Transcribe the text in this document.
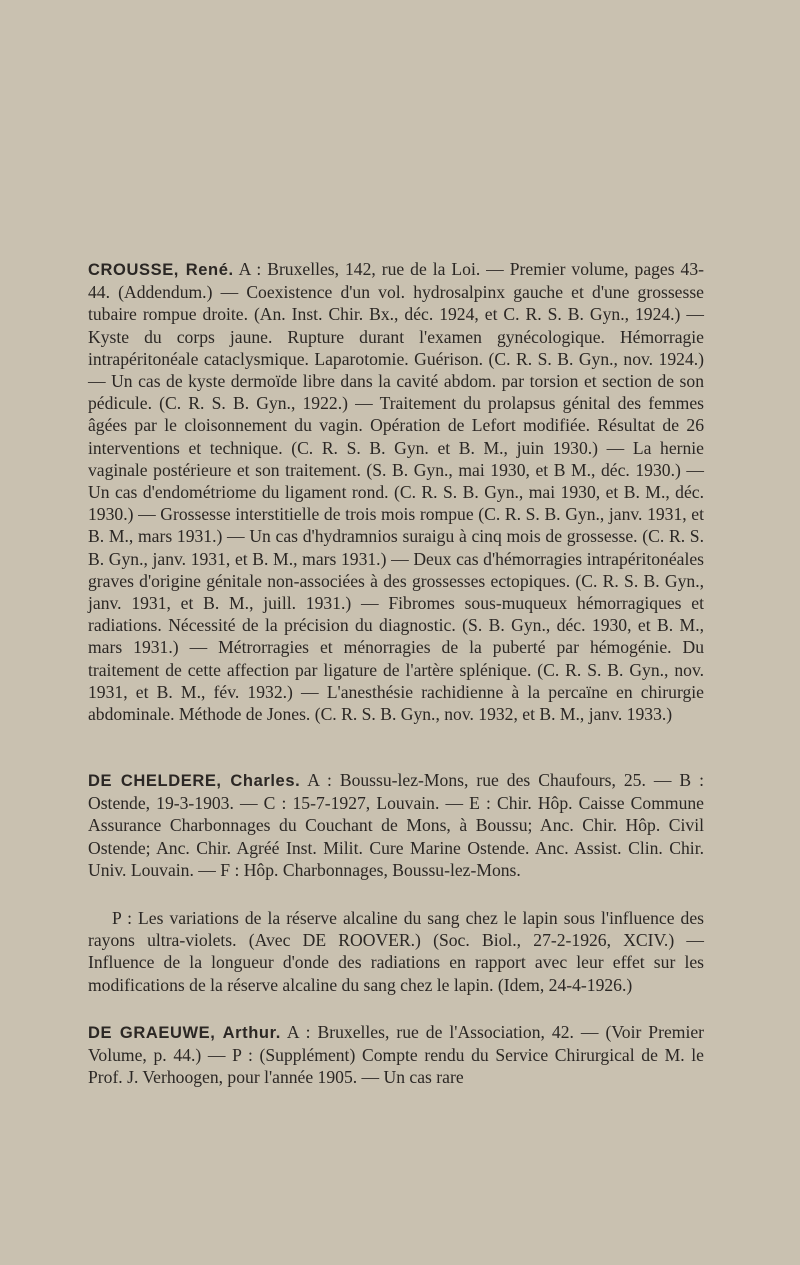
CROUSSE, René. A : Bruxelles, 142, rue de la Loi. — Premier volume, pages 43-44. (Addendum.) — Coexistence d'un vol. hydrosalpinx gauche et d'une grossesse tubaire rompue droite. (An. Inst. Chir. Bx., déc. 1924, et C. R. S. B. Gyn., 1924.) — Kyste du corps jaune. Rupture durant l'examen gynécologique. Hémorragie intrapéritonéale cataclysmique. Laparotomie. Guérison. (C. R. S. B. Gyn., nov. 1924.) — Un cas de kyste dermoïde libre dans la cavité abdom. par torsion et section de son pédicule. (C. R. S. B. Gyn., 1922.) — Traitement du prolapsus génital des femmes âgées par le cloisonnement du vagin. Opération de Lefort modifiée. Résultat de 26 interventions et technique. (C. R. S. B. Gyn. et B. M., juin 1930.) — La hernie vaginale postérieure et son traitement. (S. B. Gyn., mai 1930, et B M., déc. 1930.) — Un cas d'endométriome du ligament rond. (C. R. S. B. Gyn., mai 1930, et B. M., déc. 1930.) — Grossesse interstitielle de trois mois rompue (C. R. S. B. Gyn., janv. 1931, et B. M., mars 1931.) — Un cas d'hydramnios suraigu à cinq mois de grossesse. (C. R. S. B. Gyn., janv. 1931, et B. M., mars 1931.) — Deux cas d'hémorragies intrapéritonéales graves d'origine génitale non-associées à des grossesses ectopiques. (C. R. S. B. Gyn., janv. 1931, et B. M., juill. 1931.) — Fibromes sous-muqueux hémorragiques et radiations. Nécessité de la précision du diagnostic. (S. B. Gyn., déc. 1930, et B. M., mars 1931.) — Métrorragies et ménorragies de la puberté par hémogénie. Du traitement de cette affection par ligature de l'artère splénique. (C. R. S. B. Gyn., nov. 1931, et B. M., fév. 1932.) — L'anesthésie rachidienne à la percaïne en chirurgie abdominale. Méthode de Jones. (C. R. S. B. Gyn., nov. 1932, et B. M., janv. 1933.)

DE CHELDERE, Charles. A : Boussu-lez-Mons, rue des Chaufours, 25. — B : Ostende, 19-3-1903. — C : 15-7-1927, Louvain. — E : Chir. Hôp. Caisse Commune Assurance Charbonnages du Couchant de Mons, à Boussu; Anc. Chir. Hôp. Civil Ostende; Anc. Chir. Agréé Inst. Milit. Cure Marine Ostende. Anc. Assist. Clin. Chir. Univ. Louvain. — F : Hôp. Charbonnages, Boussu-lez-Mons.

P : Les variations de la réserve alcaline du sang chez le lapin sous l'influence des rayons ultra-violets. (Avec DE ROOVER.) (Soc. Biol., 27-2-1926, XCIV.) — Influence de la longueur d'onde des radiations en rapport avec leur effet sur les modifications de la réserve alcaline du sang chez le lapin. (Idem, 24-4-1926.)

DE GRAEUWE, Arthur. A : Bruxelles, rue de l'Association, 42. — (Voir Premier Volume, p. 44.) — P : (Supplément) Compte rendu du Service Chirurgical de M. le Prof. J. Verhoogen, pour l'année 1905. — Un cas rare
